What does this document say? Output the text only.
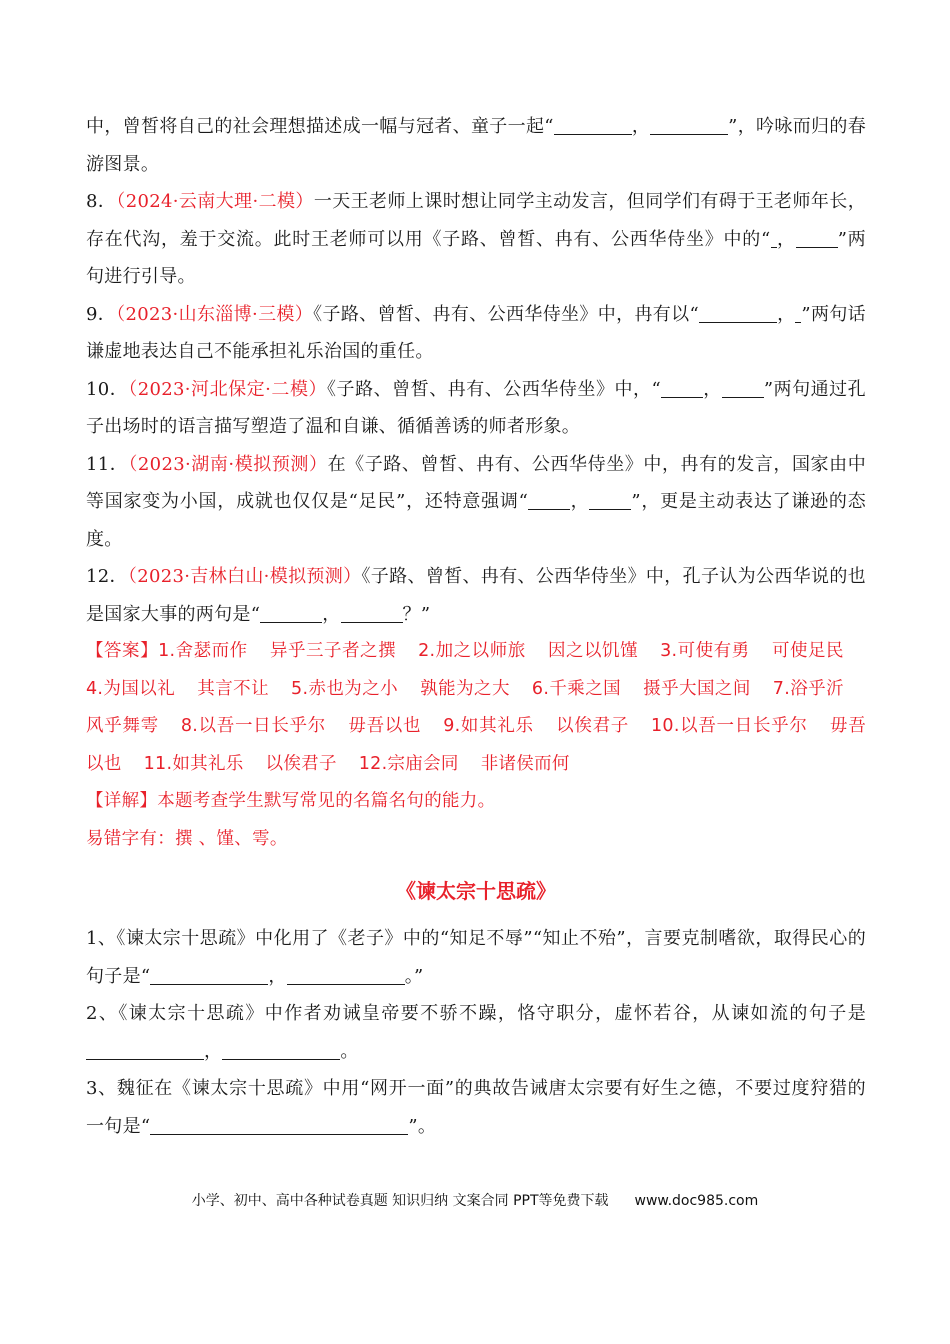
中，曾皙将自己的社会理想描述成一幅与冠者、童子一起“	，	”，吟咏而归的春游图景。

8．（2024·云南大理·二模）一天王老师上课时想让同学主动发言，但同学们有碍于王老师年长，存在代沟，羞于交流。此时王老师可以用《子路、曾皙、冉有、公西华侍坐》中的“ ， ”两句进行引导。

9．（2023·山东淄博·三模）《子路、曾皙、冉有、公西华侍坐》中，冉有以“	， ”两句话谦虚地表达自己不能承担礼乐治国的重任。

10．（2023·河北保定·二模）《子路、曾皙、冉有、公西华侍坐》中，“ ， ”两句通过孔子出场时的语言描写塑造了温和自谦、循循善诱的师者形象。

11．（2023·湖南·模拟预测）在《子路、曾皙、冉有、公西华侍坐》中，冉有的发言，国家由中等国家变为小国，成就也仅仅是“足民”，还特意强调“ ， ”，更是主动表达了谦逊的态度。

12．（2023·吉林白山·模拟预测）《子路、曾皙、冉有、公西华侍坐》中，孔子认为公西华说的也是国家大事的两句是“	，	？”

【答案】1.舍瑟而作 异乎三子者之撰 2.加之以师旅 因之以饥馑 3.可使有勇 可使足民4.为国以礼 其言不让 5.赤也为之小 孰能为之大 6.千乘之国 摄乎大国之间 7.浴乎沂风乎舞雩 8.以吾一日长乎尔 毋吾以也 9.如其礼乐 以俟君子 10.以吾一日长乎尔 毋吾以也 11.如其礼乐 以俟君子 12.宗庙会同 非诸侯而何

【详解】本题考查学生默写常见的名篇名句的能力。

易错字有：撰 、馑、雩。

《谏太宗十思疏》

1、《谏太宗十思疏》中化用了《老子》中的“知足不辱”“知止不殆”，言要克制嗜欲，取得民心的句子是“	，	。”

2、《谏太宗十思疏》中作者劝诫皇帝要不骄不躁，恪守职分，虚怀若谷，从谏如流的句子是，	。

3、魏征在《谏太宗十思疏》中用“网开一面”的典故告诫唐太宗要有好生之德，不要过度狩猎的一句是“	”。

小学、初中、高中各种试卷真题 知识归纳 文案合同 PPT等免费下载 www.doc985.com
